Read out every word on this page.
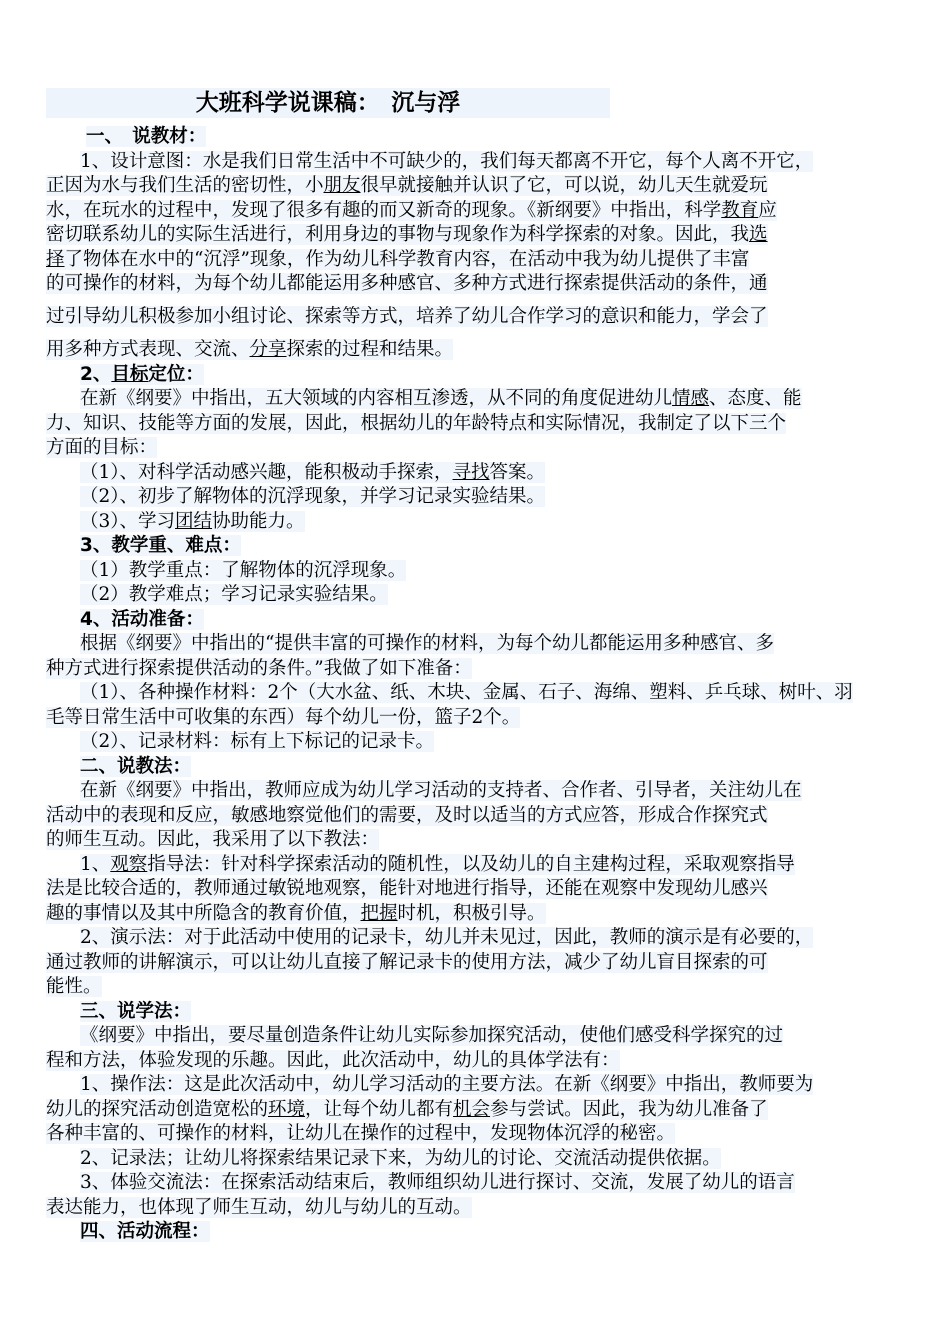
大班科学说课稿：　沉与浮
一、　说教材：
1、设计意图：水是我们日常生活中不可缺少的，我们每天都离不开它，每个人离不开它，
正因为水与我们生活的密切性，小朋友很早就接触并认识了它，可以说，幼儿天生就爱玩
水，在玩水的过程中，发现了很多有趣的而又新奇的现象。《新纲要》中指出，科学教育应
密切联系幼儿的实际生活进行，利用身边的事物与现象作为科学探索的对象。因此，我选
择了物体在水中的“沉浮”现象，作为幼儿科学教育内容，在活动中我为幼儿提供了丰富
的可操作的材料，为每个幼儿都能运用多种感官、多种方式进行探索提供活动的条件，通
过引导幼儿积极参加小组讨论、探索等方式，培养了幼儿合作学习的意识和能力，学会了
用多种方式表现、交流、分享探索的过程和结果。
2、目标定位：
在新《纲要》中指出，五大领域的内容相互渗透，从不同的角度促进幼儿情感、态度、能
力、知识、技能等方面的发展，因此，根据幼儿的年龄特点和实际情况，我制定了以下三个
方面的目标：
（1）、对科学活动感兴趣，能积极动手探索，寻找答案。
（2）、初步了解物体的沉浮现象，并学习记录实验结果。
（3）、学习团结协助能力。
3、教学重、难点：
（1）教学重点：了解物体的沉浮现象。
（2）教学难点；学习记录实验结果。
4、活动准备：
根据《纲要》中指出的“提供丰富的可操作的材料，为每个幼儿都能运用多种感官、多
种方式进行探索提供活动的条件。”我做了如下准备：
（1）、各种操作材料：2个（大水盆、纸、木块、金属、石子、海绵、塑料、乒乓球、树叶、羽
毛等日常生活中可收集的东西）每个幼儿一份，篮子2个。
（2）、记录材料：标有上下标记的记录卡。
二、说教法：
在新《纲要》中指出，教师应成为幼儿学习活动的支持者、合作者、引导者，关注幼儿在
活动中的表现和反应，敏感地察觉他们的需要，及时以适当的方式应答，形成合作探究式
的师生互动。因此，我采用了以下教法：
1、观察指导法：针对科学探索活动的随机性，以及幼儿的自主建构过程，采取观察指导
法是比较合适的，教师通过敏锐地观察，能针对地进行指导，还能在观察中发现幼儿感兴
趣的事情以及其中所隐含的教育价值，把握时机，积极引导。
2、演示法：对于此活动中使用的记录卡，幼儿并未见过，因此，教师的演示是有必要的，
通过教师的讲解演示，可以让幼儿直接了解记录卡的使用方法，减少了幼儿盲目探索的可
能性。
三、说学法：
《纲要》中指出，要尽量创造条件让幼儿实际参加探究活动，使他们感受科学探究的过
程和方法，体验发现的乐趣。因此，此次活动中，幼儿的具体学法有：
1、操作法：这是此次活动中，幼儿学习活动的主要方法。在新《纲要》中指出，教师要为
幼儿的探究活动创造宽松的环境，让每个幼儿都有机会参与尝试。因此，我为幼儿准备了
各种丰富的、可操作的材料，让幼儿在操作的过程中，发现物体沉浮的秘密。
2、记录法；让幼儿将探索结果记录下来，为幼儿的讨论、交流活动提供依据。
3、体验交流法：在探索活动结束后，教师组织幼儿进行探讨、交流，发展了幼儿的语言
表达能力，也体现了师生互动，幼儿与幼儿的互动。
四、活动流程：
